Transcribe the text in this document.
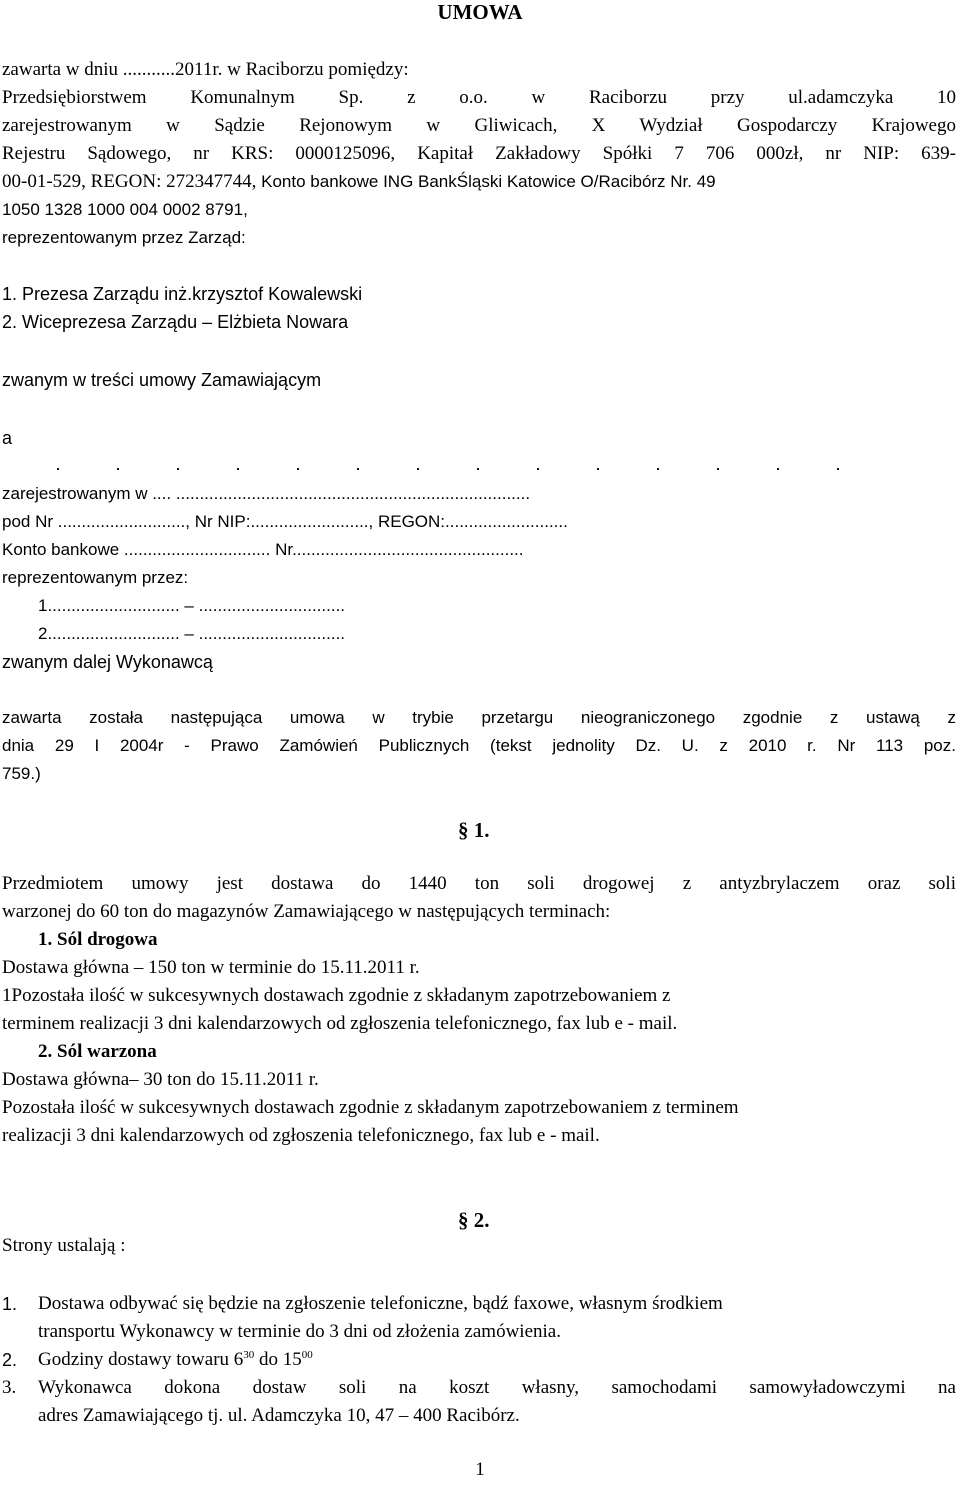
UMOWA
zawarta w dniu ...........2011r. w Raciborzu pomiędzy:
Przedsiębiorstwem Komunalnym Sp. z o.o. w Raciborzu przy ul.adamczyka 10
zarejestrowanym w Sądzie Rejonowym w Gliwicach, X Wydział Gospodarczy Krajowego
Rejestru Sądowego, nr KRS: 0000125096, Kapitał Zakładowy Spółki 7 706 000zł, nr NIP: 639-
00-01-529, REGON: 272347744, Konto bankowe ING BankŚląski Katowice O/Racibórz Nr. 49
1050 1328 1000 004 0002 8791,
reprezentowanym przez Zarząd:
1. Prezesa Zarządu inż.krzysztof Kowalewski
2. Wiceprezesa Zarządu – Elżbieta Nowara
zwanym w treści umowy Zamawiającym
a
zarejestrowanym w .... ...........................................................................
pod Nr ..........................., Nr NIP:........................., REGON:..........................
Konto bankowe ............................... Nr.................................................
reprezentowanym przez:
1............................ – ...............................
2............................ – ...............................
zwanym dalej Wykonawcą
zawarta została następująca umowa w trybie przetargu nieograniczonego zgodnie z ustawą z
dnia 29 I 2004r - Prawo Zamówień Publicznych (tekst jednolity Dz. U. z 2010 r. Nr 113 poz.
759.)
§ 1.
Przedmiotem umowy jest dostawa do 1440 ton soli drogowej z antyzbrylaczem oraz soli
warzonej do 60 ton do magazynów Zamawiającego w następujących terminach:
1. Sól drogowa
Dostawa główna – 150 ton w terminie do 15.11.2011 r.
1Pozostała ilość w sukcesywnych dostawach zgodnie z składanym zapotrzebowaniem z
terminem realizacji 3 dni kalendarzowych od zgłoszenia telefonicznego, fax lub e - mail.
2. Sól warzona
Dostawa główna– 30 ton do 15.11.2011 r.
Pozostała ilość w sukcesywnych dostawach zgodnie z składanym zapotrzebowaniem z terminem
realizacji 3 dni kalendarzowych od zgłoszenia telefonicznego, fax lub e - mail.
§ 2.
Strony ustalają :
1. Dostawa odbywać się będzie na zgłoszenie telefoniczne, bądź faxowe, własnym środkiem
transportu Wykonawcy w terminie do 3 dni od złożenia zamówienia.
2. Godziny dostawy towaru $6^{30}$ do $15^{00}$
3. Wykonawca dokona dostaw soli na koszt własny, samochodami samowyładowczymi na
adres Zamawiającego tj. ul. Adamczyka 10, 47 – 400 Racibórz.
1
